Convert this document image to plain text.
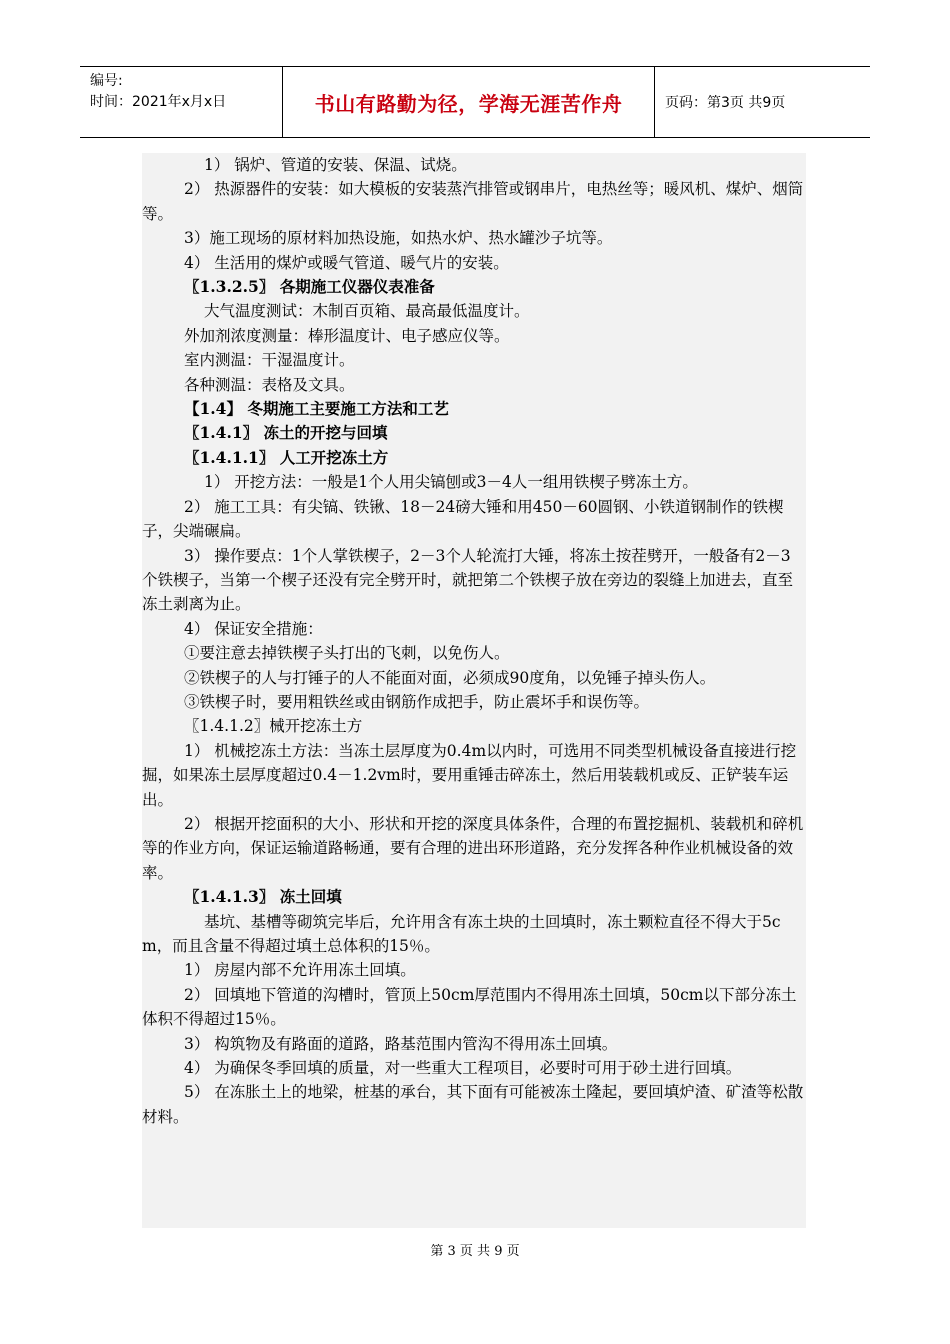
编号:
时间：2021年x月x日	书山有路勤为径，学海无涯苦作舟	页码：第3页 共9页

1） 锅炉、管道的安装、保温、试烧。

2） 热源器件的安装：如大模板的安装蒸汽排管或钢串片，电热丝等；暖风机、煤炉、烟筒等。

3）施工现场的原材料加热设施，如热水炉、热水罐沙子坑等。

4） 生活用的煤炉或暖气管道、暖气片的安装。

〖1.3.2.5〗 各期施工仪器仪表准备

大气温度测试：木制百页箱、最高最低温度计。

外加剂浓度测量：棒形温度计、电子感应仪等。

室内测温：干湿温度计。

各种测温：表格及文具。

【1.4】 冬期施工主要施工方法和工艺

〖1.4.1〗 冻土的开挖与回填

〖1.4.1.1〗 人工开挖冻土方

1） 开挖方法：一般是1个人用尖镐刨或3－4人一组用铁楔子劈冻土方。

2） 施工工具：有尖镐、铁锹、18－24磅大锤和用450－60圆钢、小铁道钢制作的铁楔子，尖端碾扁。

3） 操作要点：1个人掌铁楔子，2－3个人轮流打大锤，将冻土按茬劈开，一般备有2－3个铁楔子，当第一个楔子还没有完全劈开时，就把第二个铁楔子放在旁边的裂缝上加进去，直至冻土剥离为止。

4） 保证安全措施：

①要注意去掉铁楔子头打出的飞刺，以免伤人。

②铁楔子的人与打锤子的人不能面对面，必须成90度角，以免锤子掉头伤人。

③铁楔子时，要用粗铁丝或由钢筋作成把手，防止震坏手和误伤等。

〖1.4.1.2〗械开挖冻土方

1） 机械挖冻土方法：当冻土层厚度为0.4m以内时，可选用不同类型机械设备直接进行挖掘，如果冻土层厚度超过0.4－1.2vm时，要用重锤击碎冻土，然后用装载机或反、正铲装车运出。

2） 根据开挖面积的大小、形状和开挖的深度具体条件，合理的布置挖掘机、装载机和碎机等的作业方向，保证运输道路畅通，要有合理的进出环形道路，充分发挥各种作业机械设备的效率。

〖1.4.1.3〗 冻土回填

基坑、基槽等砌筑完毕后，允许用含有冻土块的土回填时，冻土颗粒直径不得大于5cm，而且含量不得超过填土总体积的15％。

1） 房屋内部不允许用冻土回填。

2） 回填地下管道的沟槽时，管顶上50cm厚范围内不得用冻土回填，50cm以下部分冻土体积不得超过15％。

3） 构筑物及有路面的道路，路基范围内管沟不得用冻土回填。

4） 为确保冬季回填的质量，对一些重大工程项目，必要时可用于砂土进行回填。

5） 在冻胀土上的地梁，桩基的承台，其下面有可能被冻土隆起，要回填炉渣、矿渣等松散材料。

第 3 页 共 9 页
